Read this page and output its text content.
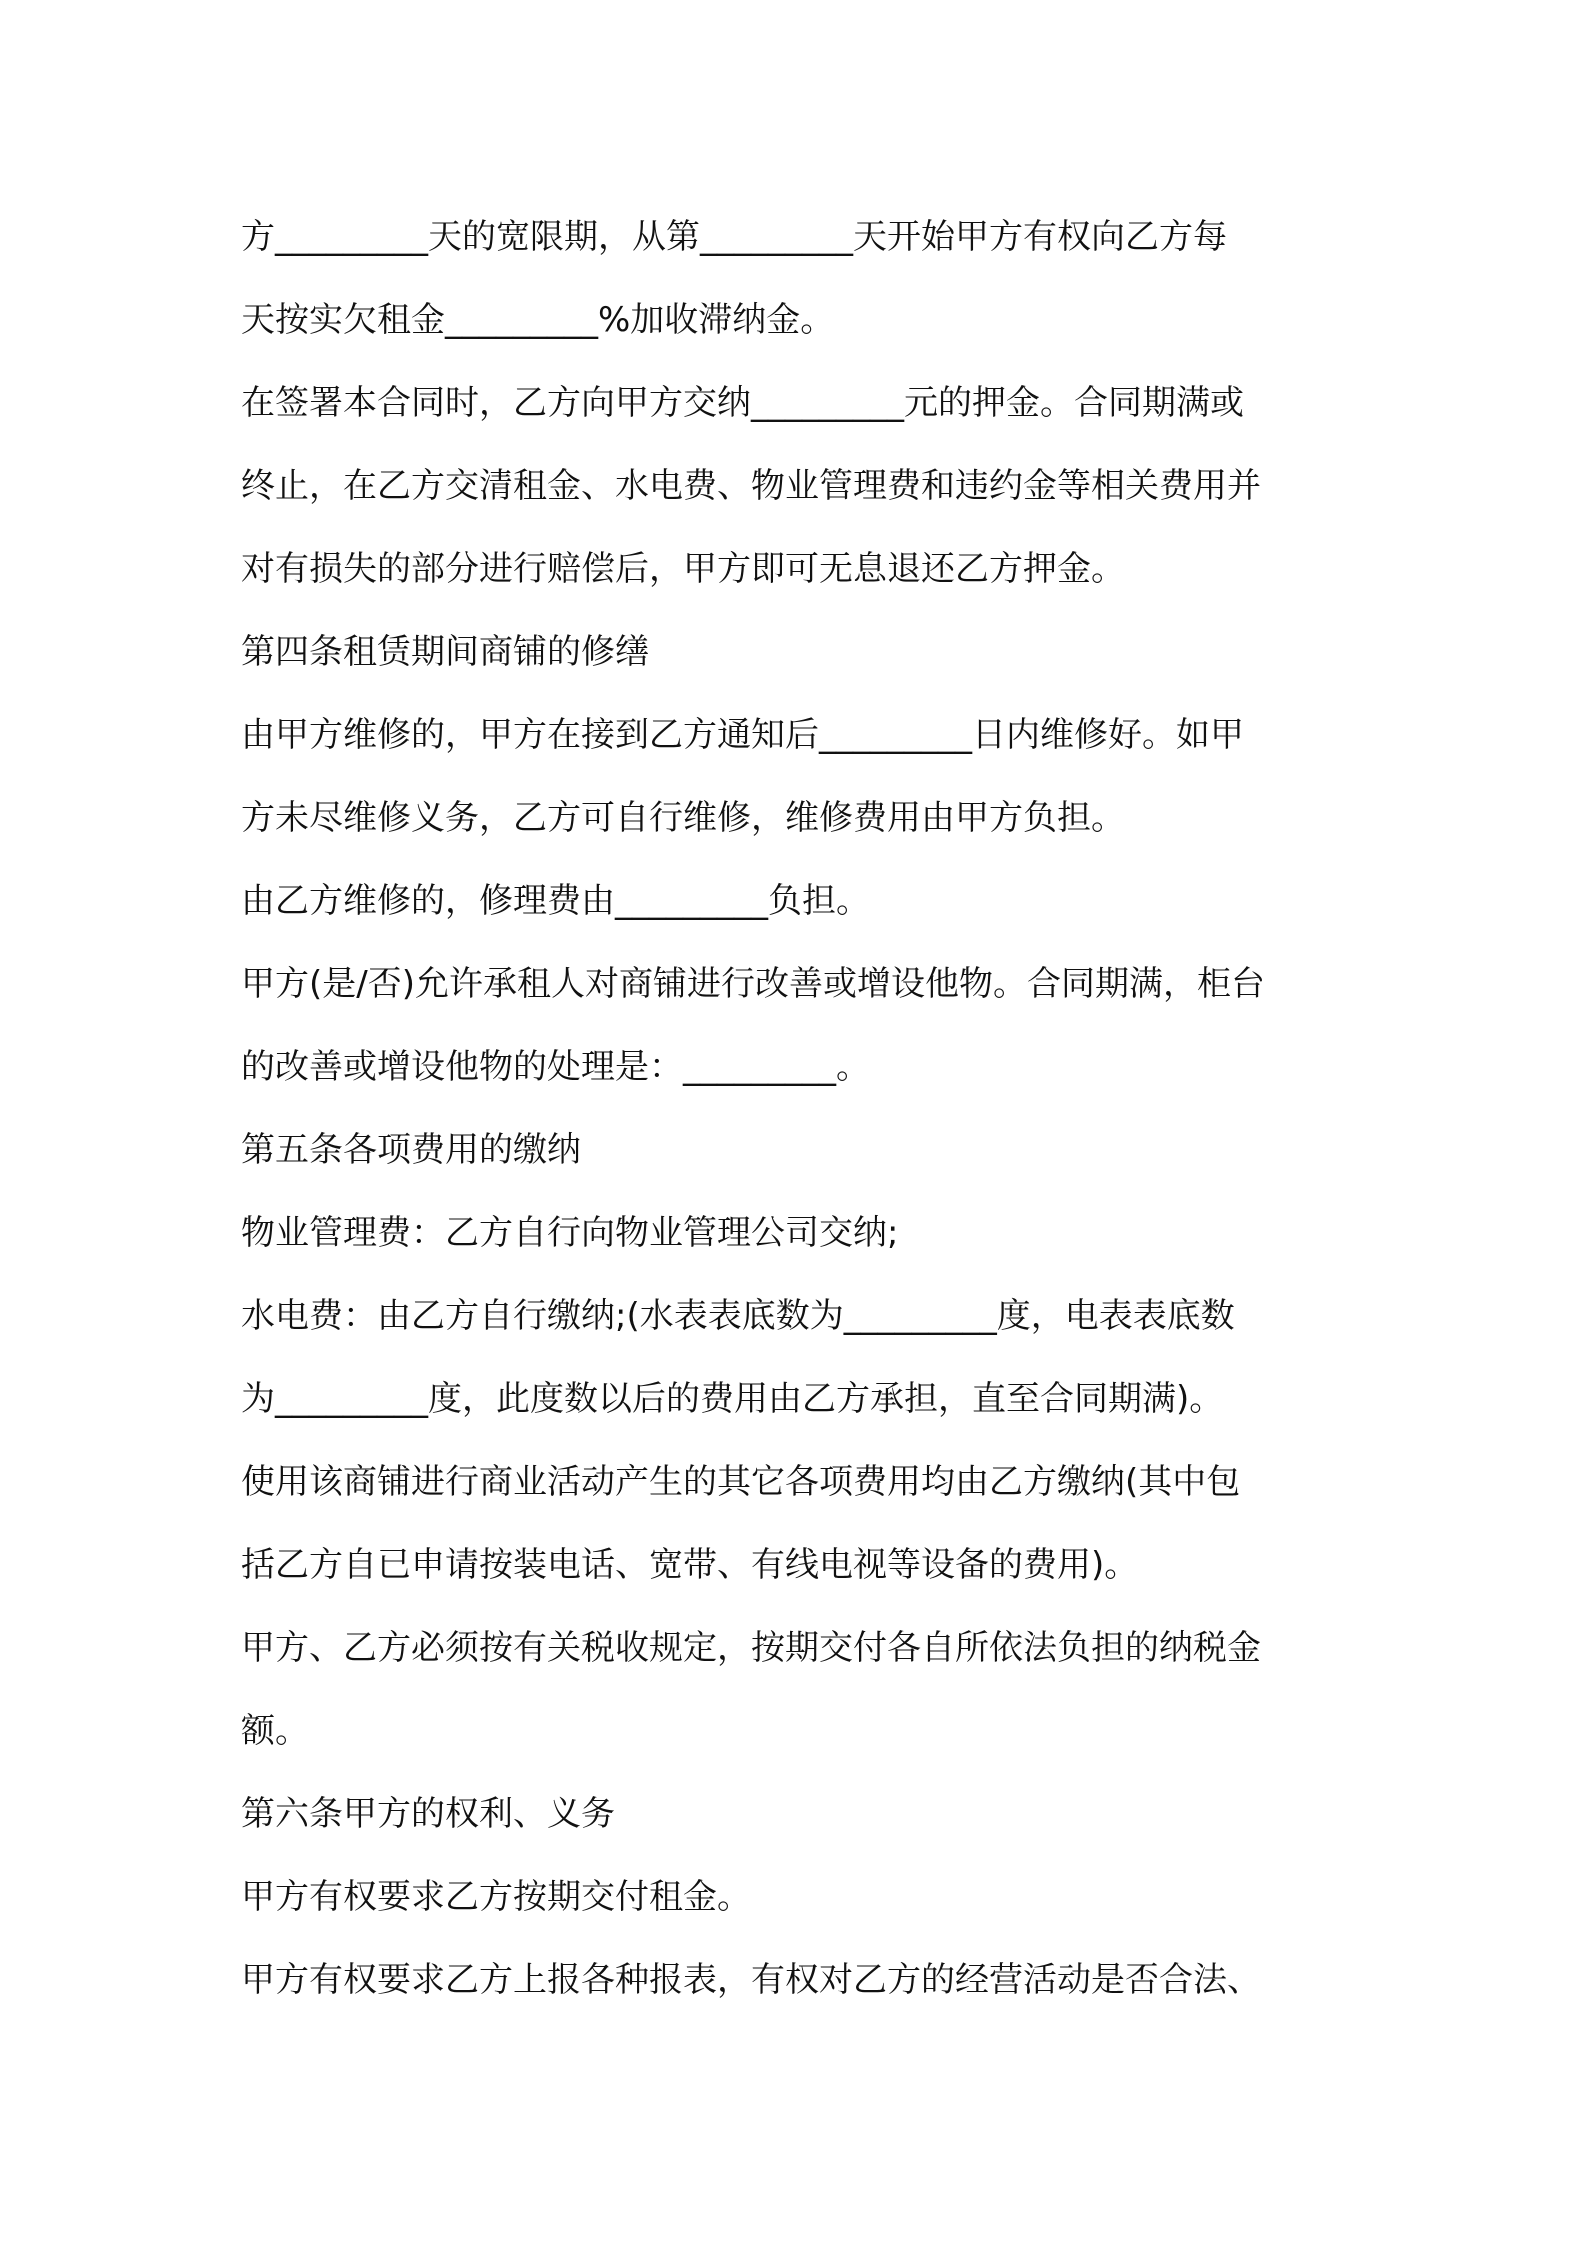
方_________天的宽限期，从第_________天开始甲方有权向乙方每

天按实欠租金_________%加收滞纳金。

在签署本合同时，乙方向甲方交纳_________元的押金。合同期满或

终止，在乙方交清租金、水电费、物业管理费和违约金等相关费用并

对有损失的部分进行赔偿后，甲方即可无息退还乙方押金。

第四条租赁期间商铺的修缮

由甲方维修的，甲方在接到乙方通知后_________日内维修好。如甲

方未尽维修义务，乙方可自行维修，维修费用由甲方负担。

由乙方维修的，修理费由_________负担。

甲方(是/否)允许承租人对商铺进行改善或增设他物。合同期满，柜台

的改善或增设他物的处理是：_________。

第五条各项费用的缴纳

物业管理费：乙方自行向物业管理公司交纳;

水电费：由乙方自行缴纳;(水表表底数为_________度，电表表底数

为_________度，此度数以后的费用由乙方承担，直至合同期满)。

使用该商铺进行商业活动产生的其它各项费用均由乙方缴纳(其中包

括乙方自已申请按装电话、宽带、有线电视等设备的费用)。

甲方、乙方必须按有关税收规定，按期交付各自所依法负担的纳税金

额。

第六条甲方的权利、义务

甲方有权要求乙方按期交付租金。

甲方有权要求乙方上报各种报表，有权对乙方的经营活动是否合法、
